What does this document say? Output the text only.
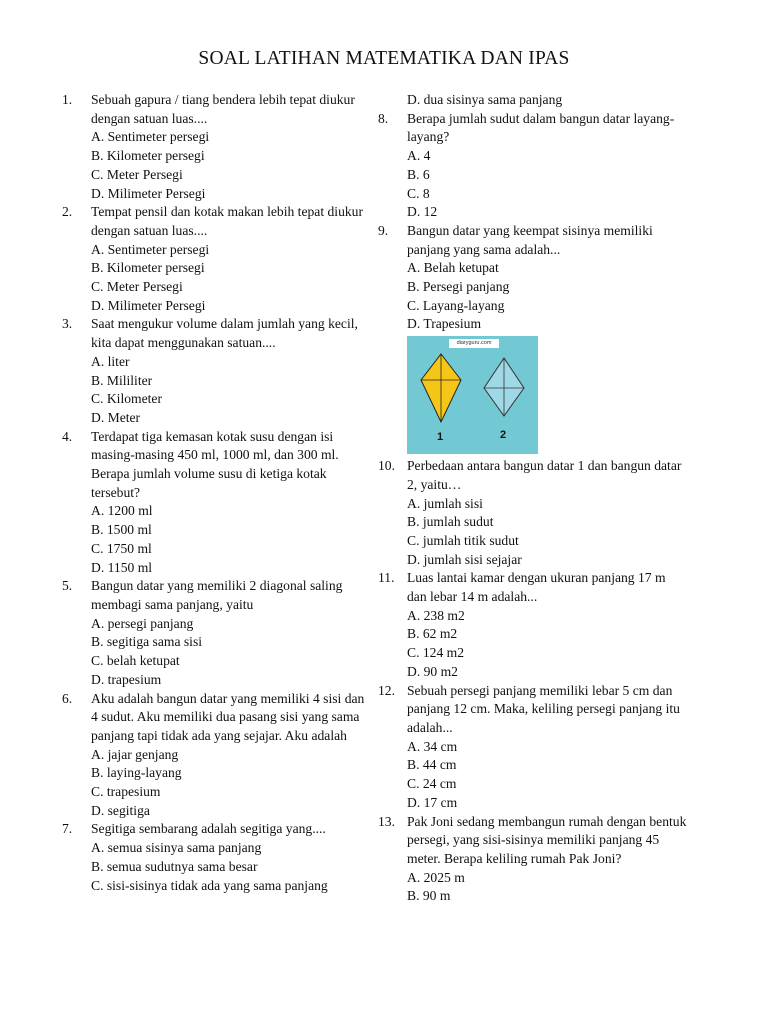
SOAL LATIHAN MATEMATIKA DAN IPAS
1.	Sebuah gapura / tiang bendera lebih tepat diukur dengan satuan luas....
A. Sentimeter persegi
B. Kilometer persegi
C. Meter Persegi
D. Milimeter Persegi
2.	Tempat pensil dan kotak makan lebih tepat diukur dengan satuan luas....
A. Sentimeter persegi
B. Kilometer persegi
C. Meter Persegi
D. Milimeter Persegi
3.	Saat mengukur volume dalam jumlah yang kecil, kita dapat menggunakan satuan....
A. liter
B. Mililiter
C. Kilometer
D. Meter
4.	Terdapat tiga kemasan kotak susu dengan isi masing-masing 450 ml, 1000 ml, dan 300 ml. Berapa jumlah volume susu di ketiga kotak tersebut?
A. 1200 ml
B. 1500 ml
C. 1750 ml
D. 1150 ml
5.	Bangun datar yang memiliki 2 diagonal saling membagi sama panjang, yaitu
A. persegi panjang
B. segitiga sama sisi
C. belah ketupat
D. trapesium
6.	Aku adalah bangun datar yang memiliki 4 sisi dan 4 sudut. Aku memiliki dua pasang sisi yang sama panjang tapi tidak ada yang sejajar. Aku adalah
A. jajar genjang
B. laying-layang
C. trapesium
D. segitiga
7.	Segitiga sembarang adalah segitiga yang....
A. semua sisinya sama panjang
B. semua sudutnya sama besar
C. sisi-sisinya tidak ada yang sama panjang
D. dua sisinya sama panjang
8.	Berapa jumlah sudut dalam bangun datar layang-layang?
A. 4
B. 6
C. 8
D. 12
9.	Bangun datar yang keempat sisinya memiliki panjang yang sama adalah...
A. Belah ketupat
B. Persegi panjang
C. Layang-layang
D. Trapesium
diaryguru.com
1	2
10. Perbedaan antara bangun datar 1 dan bangun datar 2, yaitu…
A. jumlah sisi
B. jumlah sudut
C. jumlah titik sudut
D. jumlah sisi sejajar
11. Luas lantai kamar dengan ukuran panjang 17 m dan lebar 14 m adalah...
A. 238 m2
B. 62 m2
C. 124 m2
D. 90 m2
12. Sebuah persegi panjang memiliki lebar 5 cm dan panjang 12 cm. Maka, keliling persegi panjang itu adalah...
A. 34 cm
B. 44 cm
C. 24 cm
D. 17 cm
13. Pak Joni sedang membangun rumah dengan bentuk persegi, yang sisi-sisinya memiliki panjang 45 meter. Berapa keliling rumah Pak Joni?
A. 2025 m
B. 90 m
